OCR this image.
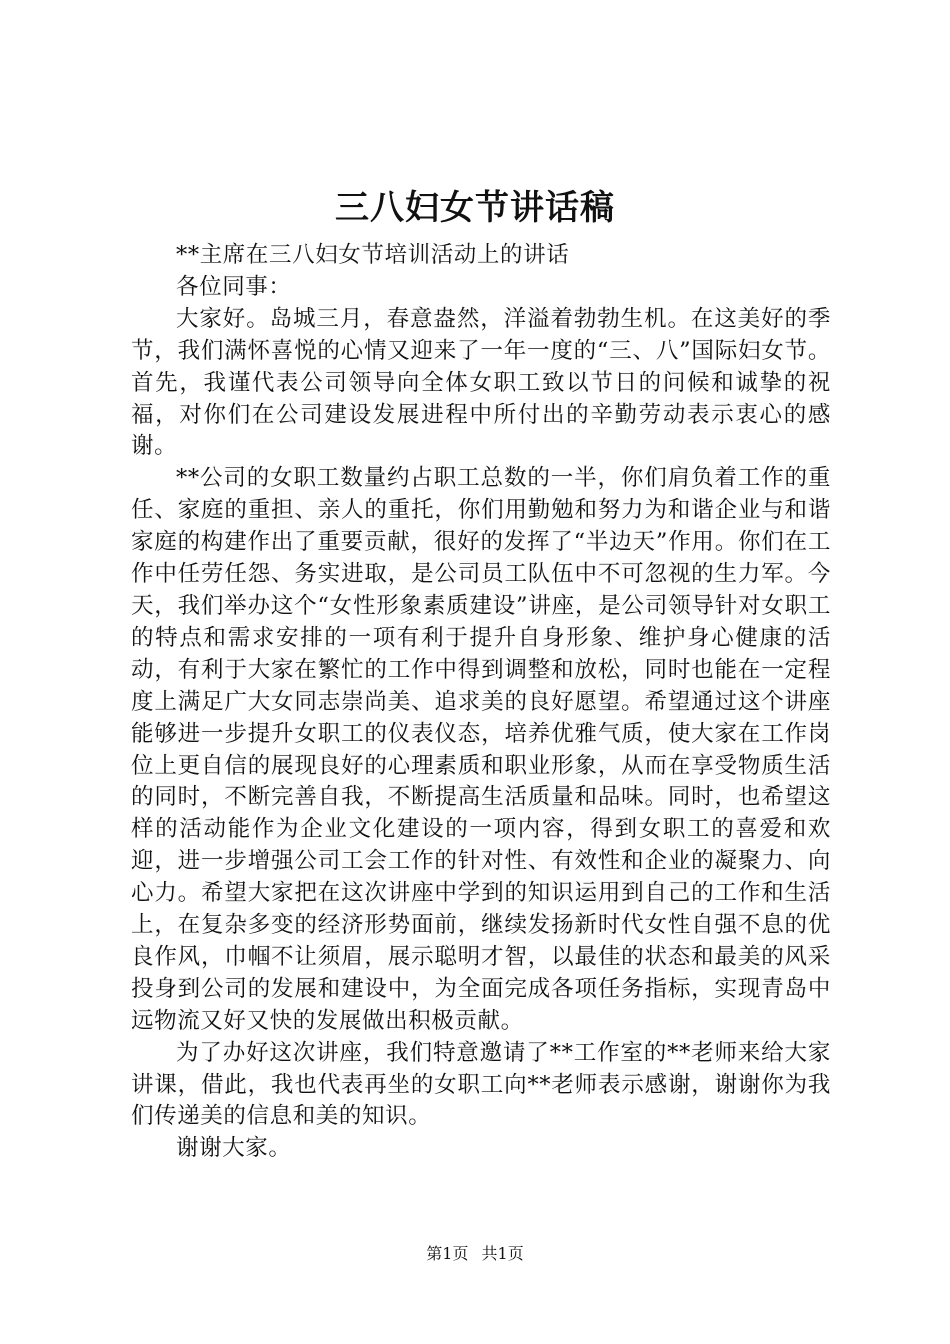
三八妇女节讲话稿

**主席在三八妇女节培训活动上的讲话

各位同事：

大家好。岛城三月，春意盎然，洋溢着勃勃生机。在这美好的季节，我们满怀喜悦的心情又迎来了一年一度的“三、八”国际妇女节。首先，我谨代表公司领导向全体女职工致以节日的问候和诚挚的祝福，对你们在公司建设发展进程中所付出的辛勤劳动表示衷心的感谢。

**公司的女职工数量约占职工总数的一半，你们肩负着工作的重任、家庭的重担、亲人的重托，你们用勤勉和努力为和谐企业与和谐家庭的构建作出了重要贡献，很好的发挥了“半边天”作用。你们在工作中任劳任怨、务实进取，是公司员工队伍中不可忽视的生力军。今天，我们举办这个“女性形象素质建设”讲座，是公司领导针对女职工的特点和需求安排的一项有利于提升自身形象、维护身心健康的活动，有利于大家在繁忙的工作中得到调整和放松，同时也能在一定程度上满足广大女同志崇尚美、追求美的良好愿望。希望通过这个讲座能够进一步提升女职工的仪表仪态，培养优雅气质，使大家在工作岗位上更自信的展现良好的心理素质和职业形象，从而在享受物质生活的同时，不断完善自我，不断提高生活质量和品味。同时，也希望这样的活动能作为企业文化建设的一项内容，得到女职工的喜爱和欢迎，进一步增强公司工会工作的针对性、有效性和企业的凝聚力、向心力。希望大家把在这次讲座中学到的知识运用到自己的工作和生活上，在复杂多变的经济形势面前，继续发扬新时代女性自强不息的优良作风，巾帼不让须眉，展示聪明才智，以最佳的状态和最美的风采投身到公司的发展和建设中，为全面完成各项任务指标，实现青岛中远物流又好又快的发展做出积极贡献。

为了办好这次讲座，我们特意邀请了**工作室的**老师来给大家讲课，借此，我也代表再坐的女职工向**老师表示感谢，谢谢你为我们传递美的信息和美的知识。

谢谢大家。

第1页 共1页
